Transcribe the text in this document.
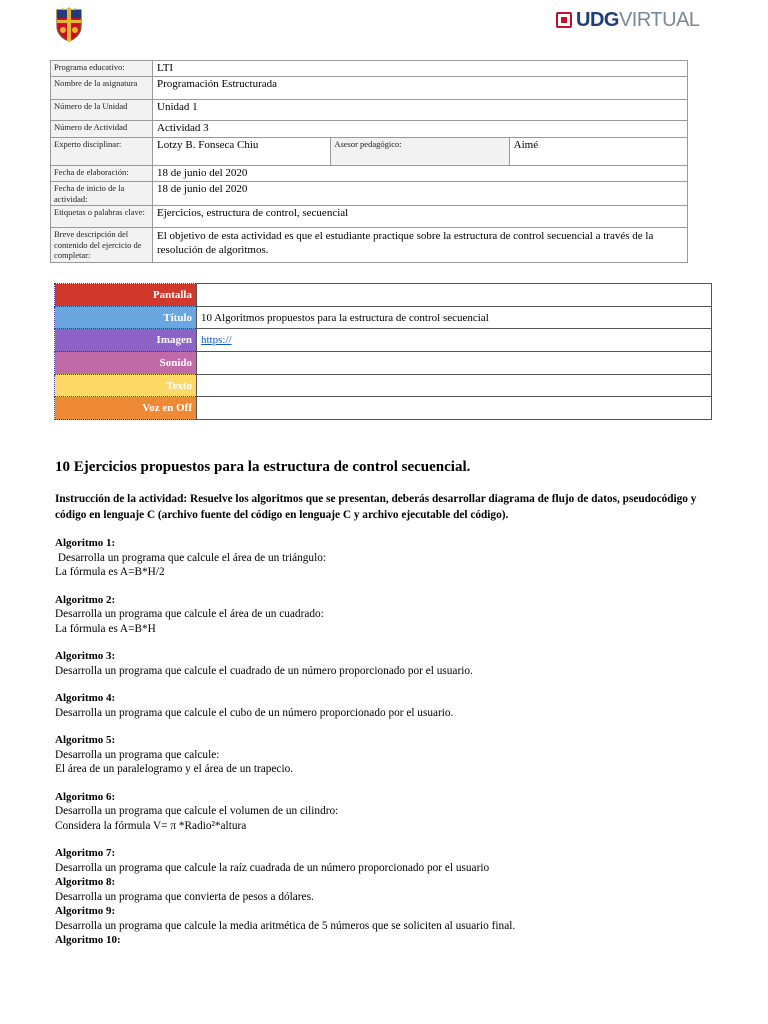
UDG VIRTUAL
Programa educativo:	LTI		
Nombre de la asignatura	Programación Estructurada		
Número de la Unidad	Unidad 1		
Número de Actividad	Actividad 3		
Experto disciplinar:	Lotzy B. Fonseca Chiu	Asesor pedagógico:	Aimé
Fecha de elaboración:	18 de junio del 2020		
Fecha de inicio de la actividad:	18 de junio del 2020		
Etiquetas o palabras clave:	Ejercicios, estructura de control, secuencial		
Breve descripción del contenido del ejercicio de completar:	El objetivo de esta actividad es que el estudiante practique sobre la estructura de control secuencial a través de la resolución de algoritmos.		
Pantalla	
Título	10 Algoritmos propuestos para la estructura de control secuencial
Imagen	https://
Sonido	
Texto	
Voz en Off	
10 Ejercicios propuestos para la estructura de control secuencial.
Instrucción de la actividad: Resuelve los algoritmos que se presentan, deberás desarrollar diagrama de flujo de datos, pseudocódigo y código en lenguaje C (archivo fuente del código en lenguaje C y archivo ejecutable del código).
Algoritmo 1:
Desarrolla un programa que calcule el área de un triángulo:
La fórmula es A=B*H/2
Algoritmo 2:
Desarrolla un programa que calcule el área de un cuadrado:
La fórmula es A=B*H
Algoritmo 3:
Desarrolla un programa que calcule el cuadrado de un número proporcionado por el usuario.
Algoritmo 4:
Desarrolla un programa que calcule el cubo de un número proporcionado por el usuario.
Algoritmo 5:
Desarrolla un programa que calcule:
El área de un paralelogramo y el área de un trapecio.
Algoritmo 6:
Desarrolla un programa que calcule el volumen de un cilindro:
Considera la fórmula V= π *Radio²*altura
Algoritmo 7:
Desarrolla un programa que calcule la raíz cuadrada de un número proporcionado por el usuario
Algoritmo 8:
Desarrolla un programa que convierta de pesos a dólares.
Algoritmo 9:
Desarrolla un programa que calcule la media aritmética de 5 números que se soliciten al usuario final.
Algoritmo 10:
